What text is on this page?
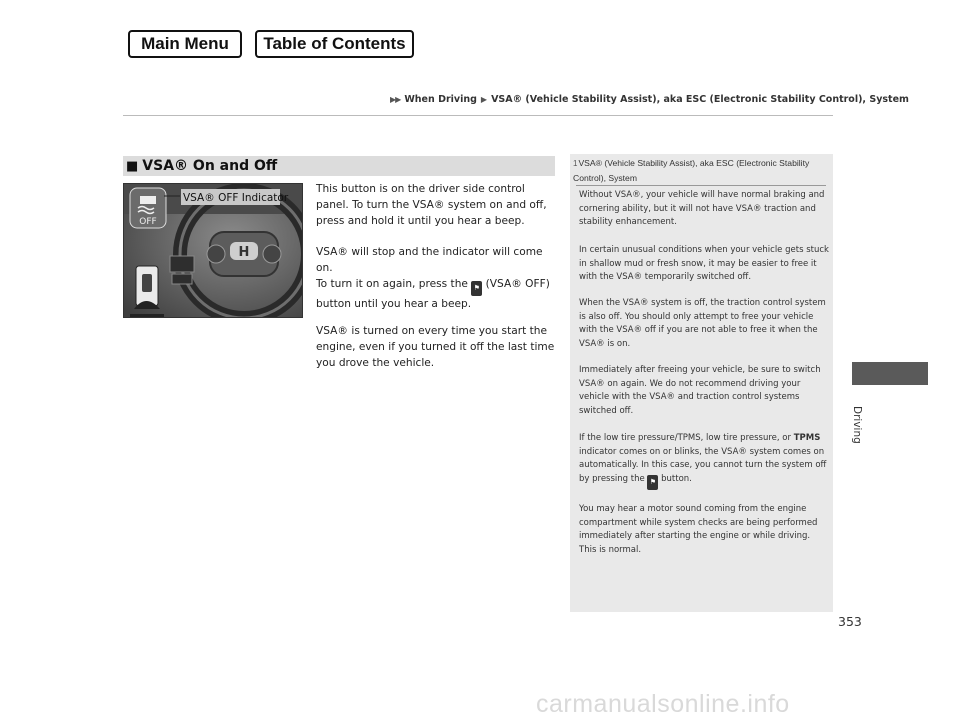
Main Menu	Table of Contents
▶▶ When Driving ▶ VSA® (Vehicle Stability Assist), aka ESC (Electronic Stability Control), System
■ VSA® On and Off
H
OFF
VSA® OFF Indicator
This button is on the driver side control panel. To turn the VSA® system on and off, press and hold it until you hear a beep.
VSA® will stop and the indicator will come on.
To turn it on again, press the ⚑ (VSA® OFF) button until you hear a beep.
VSA® is turned on every time you start the engine, even if you turned it off the last time you drove the vehicle.
1VSA® (Vehicle Stability Assist), aka ESC (Electronic Stability Control), System
Without VSA®, your vehicle will have normal braking and cornering ability, but it will not have VSA® traction and stability enhancement.
In certain unusual conditions when your vehicle gets stuck in shallow mud or fresh snow, it may be easier to free it with the VSA® temporarily switched off.
When the VSA® system is off, the traction control system is also off. You should only attempt to free your vehicle with the VSA® off if you are not able to free it when the VSA® is on.
Immediately after freeing your vehicle, be sure to switch VSA® on again. We do not recommend driving your vehicle with the VSA® and traction control systems switched off.
If the low tire pressure/TPMS, low tire pressure, or TPMS indicator comes on or blinks, the VSA® system comes on automatically. In this case, you cannot turn the system off by pressing the ⚑ button.
You may hear a motor sound coming from the engine compartment while system checks are being performed immediately after starting the engine or while driving. This is normal.
Driving
353
carmanualsonline.info
